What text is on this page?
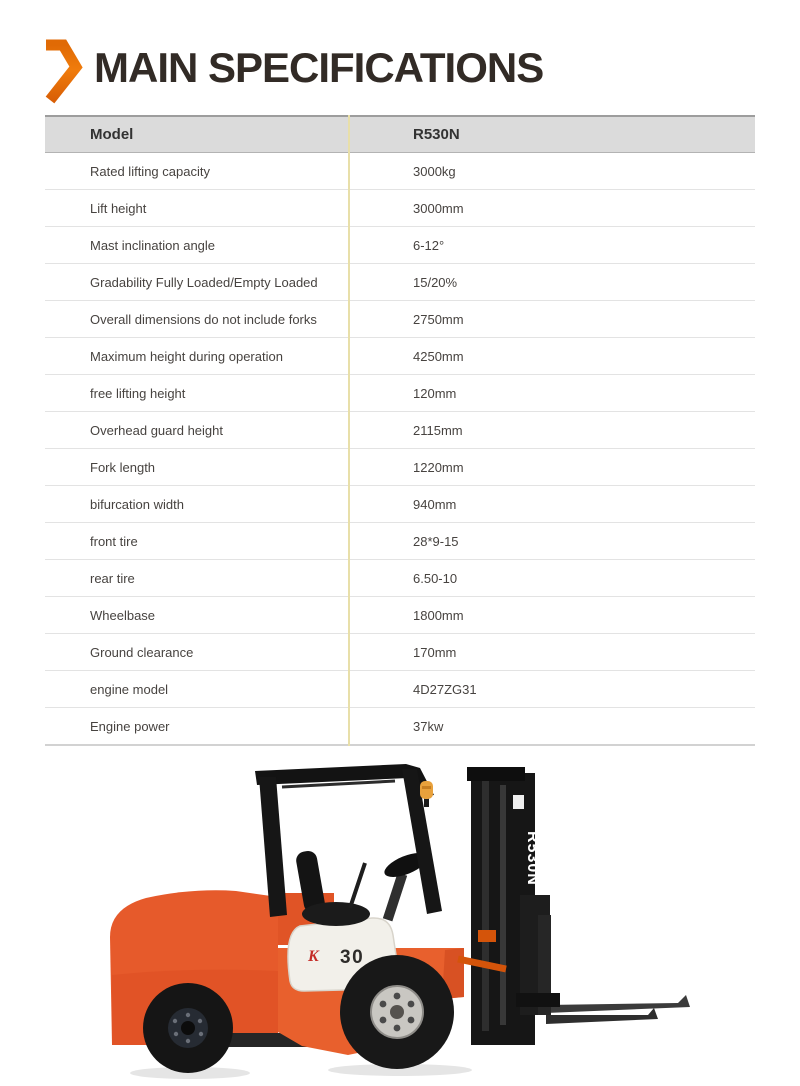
MAIN SPECIFICATIONS
Model	R530N
Rated lifting capacity	3000kg
Lift height	3000mm
Mast inclination angle	6-12°
Gradability Fully Loaded/Empty Loaded	15/20%
Overall dimensions do not include forks	2750mm
Maximum height during operation	4250mm
free lifting height	120mm
Overhead guard height	2115mm
Fork length	1220mm
bifurcation width	940mm
front tire	28*9-15
rear tire	6.50-10
Wheelbase	1800mm
Ground clearance	170mm
engine model	4D27ZG31
Engine power	37kw
R530N
K 30
